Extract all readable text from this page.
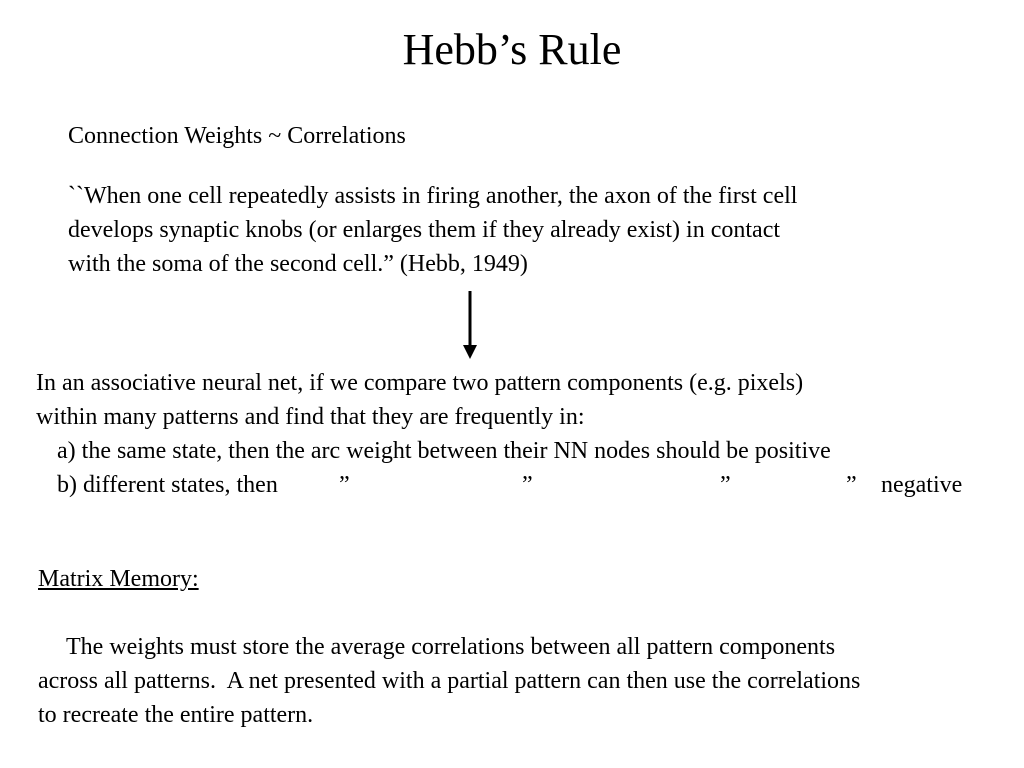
Hebb’s Rule
Connection Weights ~ Correlations
``When one cell repeatedly assists in firing another, the axon of the first cell
develops synaptic knobs (or enlarges them if they already exist) in contact
with the soma of the second cell.” (Hebb, 1949)
In an associative neural net, if we compare two pattern components (e.g. pixels)
within many patterns and find that they are frequently in:
a) the same state, then the arc weight between their NN nodes should be positive
b) different states, then	”	”	”	” negative
Matrix Memory:
The weights must store the average correlations between all pattern components
across all patterns.  A net presented with a partial pattern can then use the correlations
to recreate the entire pattern.
